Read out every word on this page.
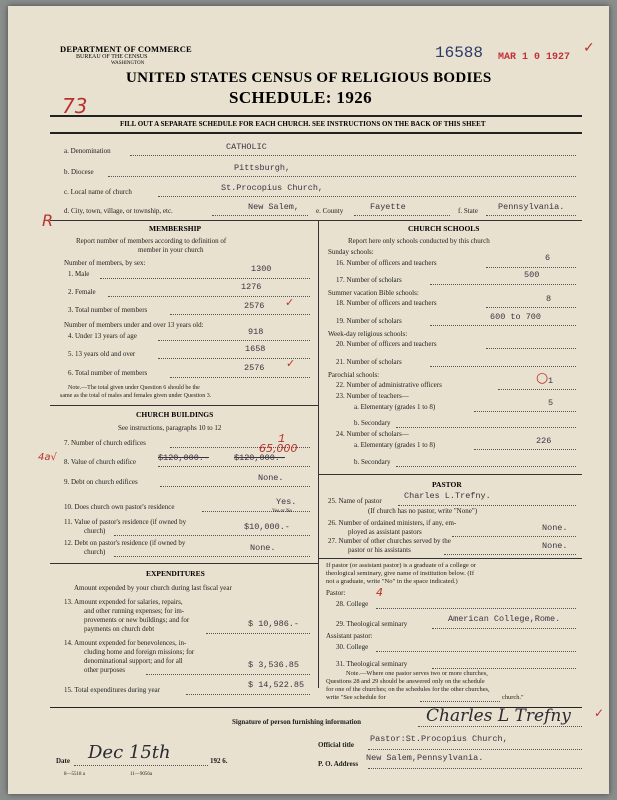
DEPARTMENT OF COMMERCE
BUREAU OF THE CENSUS
WASHINGTON
16588 MAR 1 0 1927
✓
UNITED STATES CENSUS OF RELIGIOUS BODIES
SCHEDULE: 1926
73
FILL OUT A SEPARATE SCHEDULE FOR EACH CHURCH. SEE INSTRUCTIONS ON THE BACK OF THIS SHEET
a. Denomination	CATHOLIC
b. Diocese	Pittsburgh,
c. Local name of church	St.Procopius Church,
R d. City, town, village, or township, etc.	New Salem, e. County	Fayette	f. State Pennsylvania.
MEMBERSHIP
Report number of members according to definition of
member in your church
Number of members, by sex:
1. Male	1300
2. Female	1276
3. Total number of members	2576 ✓
Number of members under and over 13 years old:
4. Under 13 years of age	918
5. 13 years old and over	1658
6. Total number of members	2576 ✓
Note.—The total given under Question 6 should be the
same as the total of males and females given under Question 3.
CHURCH BUILDINGS
See instructions, paragraphs 10 to 12
4a√
7. Number of church edifices	1
8. Value of church edifice	$120,000.-	$120,000.-
65,000
9. Debt on church edifices	None.
10. Does church own pastor's residence	Yes.
Yes or No
11. Value of pastor's residence (if owned by
church)	$10,000.-
12. Debt on pastor's residence (if owned by
church)	None.
EXPENDITURES
Amount expended by your church during last fiscal year
13. Amount expended for salaries, repairs,
and other running expenses; for im-
provements or new buildings; and for
payments on church debt	$ 10,986.-
14. Amount expended for benevolences, in-
cluding home and foreign missions; for
denominational support; and for all
other purposes	$ 3,536.85
15. Total expenditures during year	$ 14,522.85
CHURCH SCHOOLS
Report here only schools conducted by this church
Sunday schools:
16. Number of officers and teachers	6
17. Number of scholars	500
Summer vacation Bible schools:
18. Number of officers and teachers	8
19. Number of scholars	600 to 700
Week-day religious schools:
20. Number of officers and teachers
21. Number of scholars
Parochial schools:
22. Number of administrative officers	1
○
23. Number of teachers—
a. Elementary (grades 1 to 8)	5
b. Secondary
24. Number of scholars—
a. Elementary (grades 1 to 8)	226
b. Secondary
PASTOR
25. Name of pastor	Charles L.Trefny.
(If church has no pastor, write "None")
26. Number of ordained ministers, if any, em-
ployed as assistant pastors	None.
27. Number of other churches served by the
pastor or his assistants	None.
If pastor (or assistant pastor) is a graduate of a college or
theological seminary, give name of institution below. (If
not a graduate, write "No" in the space indicated.)
Pastor:	4
28. College
29. Theological seminary	American College,Rome.
Assistant pastor:
30. College
31. Theological seminary
Note.—Where one pastor serves two or more churches,
Questions 28 and 29 should be answered only on the schedule
for one of the churches; on the schedules for the other churches,
write "See schedule for	church."
Signature of person furnishing information	Charles L Trefny ✓
Official title
Pastor:St.Procopius Church,
Date Dec 15th	192 6.	P. O. Address
New Salem,Pennsylvania.
8—5518 a	11—9056a
